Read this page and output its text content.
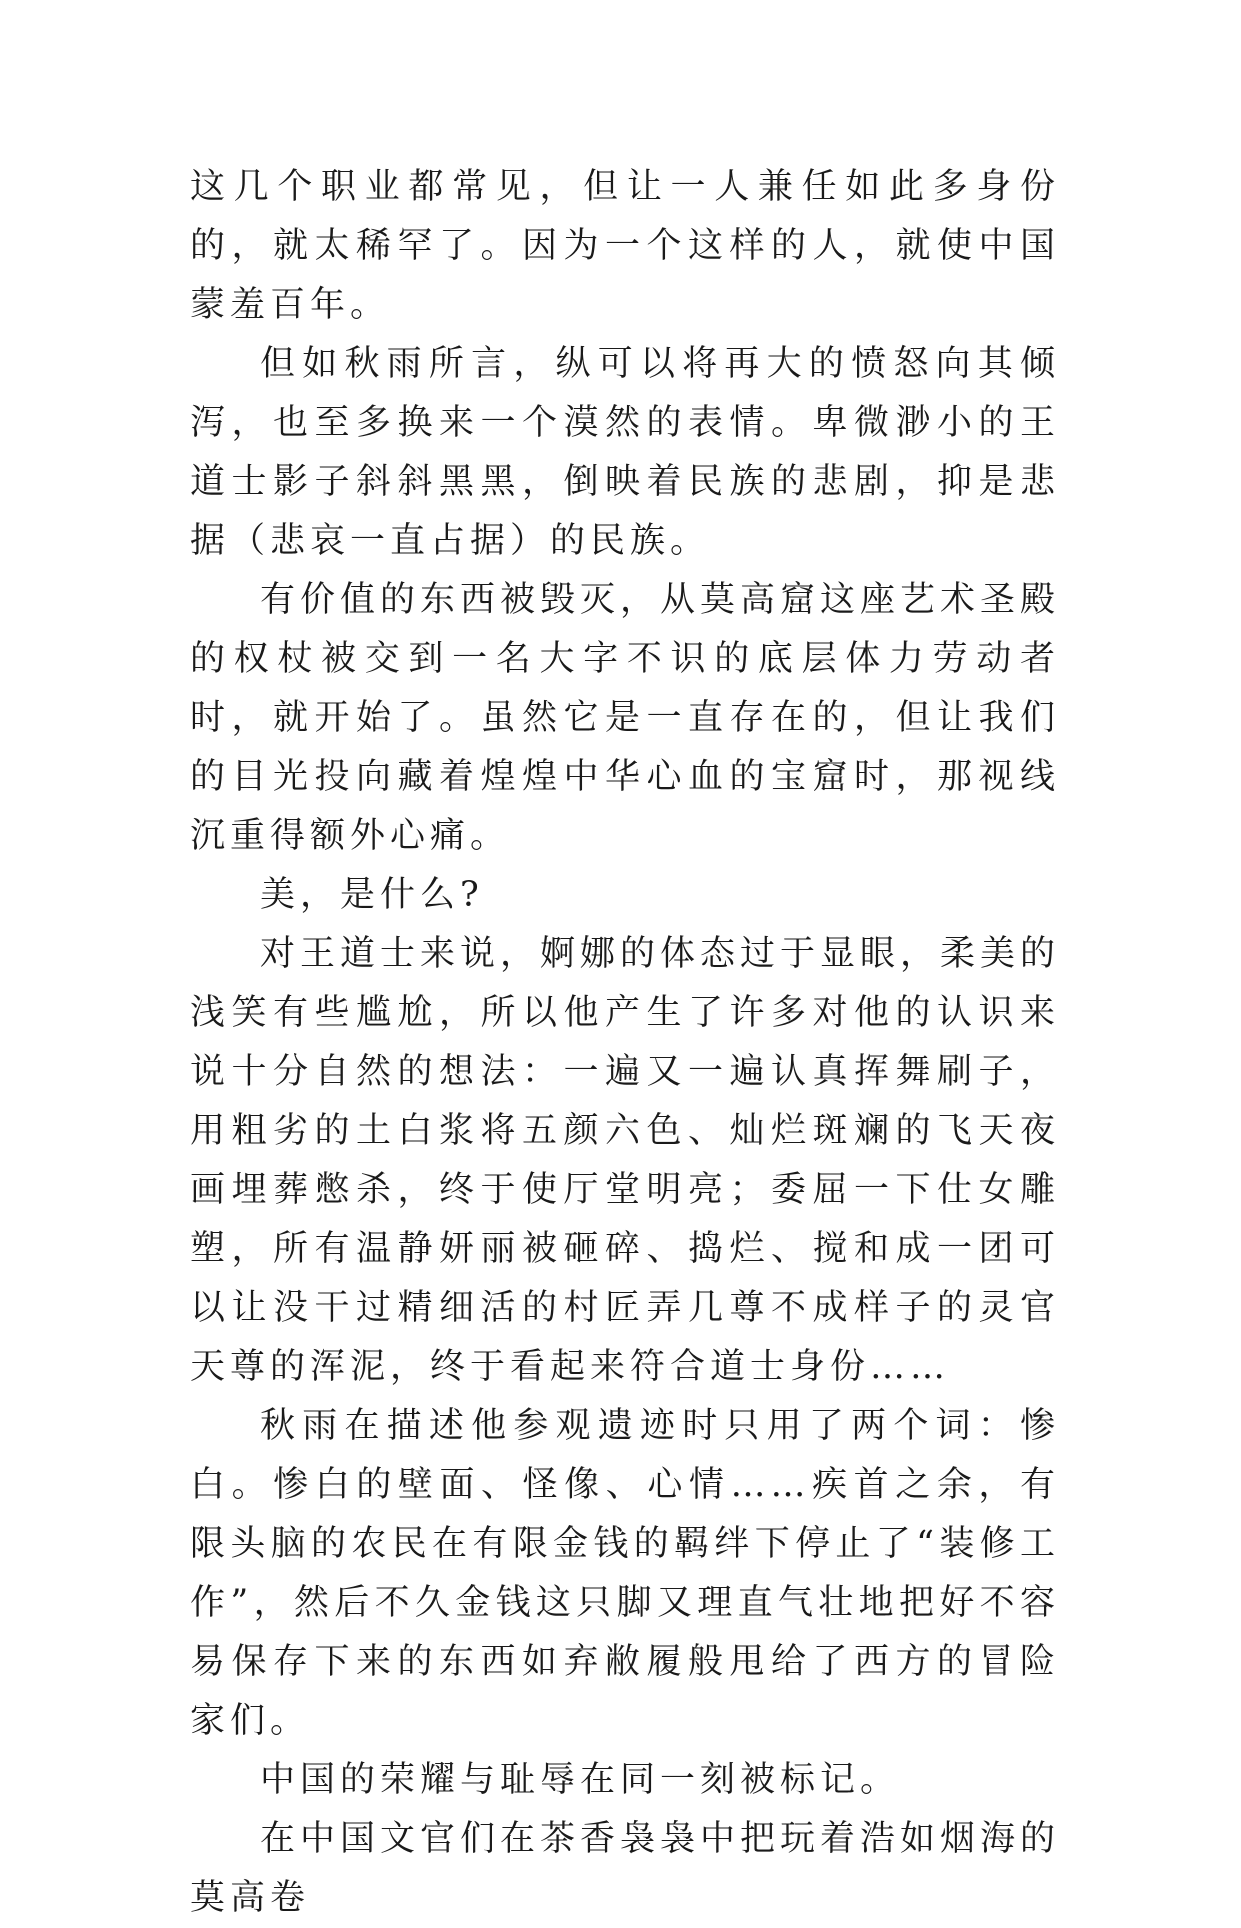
这几个职业都常见，但让一人兼任如此多身份的，就太稀罕了。因为一个这样的人，就使中国蒙羞百年。

但如秋雨所言，纵可以将再大的愤怒向其倾泻，也至多换来一个漠然的表情。卑微渺小的王道士影子斜斜黑黑，倒映着民族的悲剧，抑是悲据（悲哀一直占据）的民族。

有价值的东西被毁灭，从莫高窟这座艺术圣殿的权杖被交到一名大字不识的底层体力劳动者时，就开始了。虽然它是一直存在的，但让我们的目光投向藏着煌煌中华心血的宝窟时，那视线沉重得额外心痛。

美，是什么?

对王道士来说，婀娜的体态过于显眼，柔美的浅笑有些尴尬，所以他产生了许多对他的认识来说十分自然的想法：一遍又一遍认真挥舞刷子，用粗劣的土白浆将五颜六色、灿烂斑斓的飞天夜画埋葬憋杀，终于使厅堂明亮；委屈一下仕女雕塑，所有温静妍丽被砸碎、捣烂、搅和成一团可以让没干过精细活的村匠弄几尊不成样子的灵官天尊的浑泥，终于看起来符合道士身份……

秋雨在描述他参观遗迹时只用了两个词：惨白。惨白的壁面、怪像、心情……疾首之余，有限头脑的农民在有限金钱的羁绊下停止了“装修工作”，然后不久金钱这只脚又理直气壮地把好不容易保存下来的东西如弃敝履般甩给了西方的冒险家们。

中国的荣耀与耻辱在同一刻被标记。

在中国文官们在茶香袅袅中把玩着浩如烟海的莫高卷
